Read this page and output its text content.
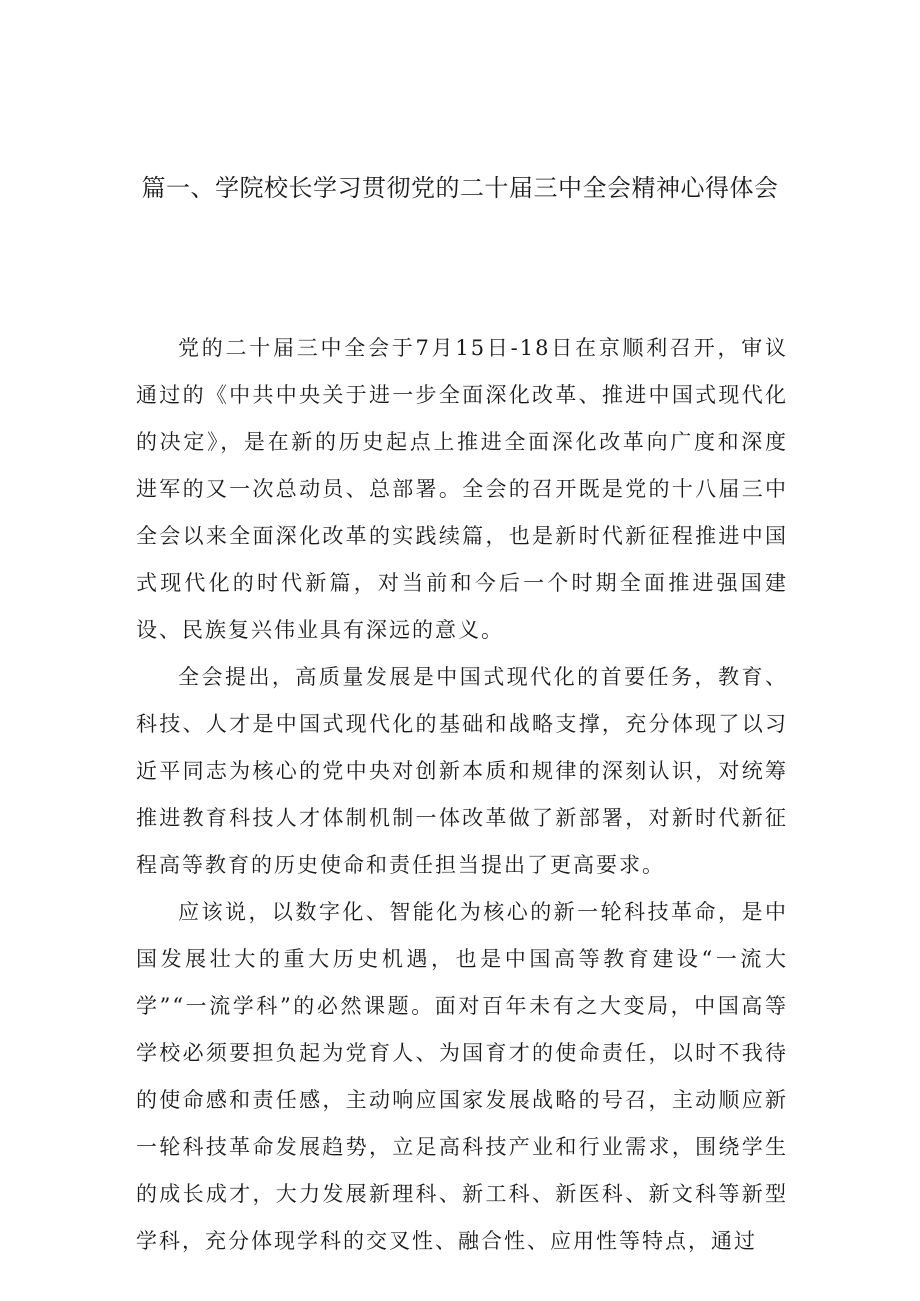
篇一、学院校长学习贯彻党的二十届三中全会精神心得体会

党的二十届三中全会于7月15日-18日在京顺利召开，审议通过的《中共中央关于进一步全面深化改革、推进中国式现代化的决定》，是在新的历史起点上推进全面深化改革向广度和深度进军的又一次总动员、总部署。全会的召开既是党的十八届三中全会以来全面深化改革的实践续篇，也是新时代新征程推进中国式现代化的时代新篇，对当前和今后一个时期全面推进强国建设、民族复兴伟业具有深远的意义。

全会提出，高质量发展是中国式现代化的首要任务，教育、科技、人才是中国式现代化的基础和战略支撑，充分体现了以习近平同志为核心的党中央对创新本质和规律的深刻认识，对统筹推进教育科技人才体制机制一体改革做了新部署，对新时代新征程高等教育的历史使命和责任担当提出了更高要求。

应该说，以数字化、智能化为核心的新一轮科技革命，是中国发展壮大的重大历史机遇，也是中国高等教育建设“一流大学”“一流学科”的必然课题。面对百年未有之大变局，中国高等学校必须要担负起为党育人、为国育才的使命责任，以时不我待的使命感和责任感，主动响应国家发展战略的号召，主动顺应新一轮科技革命发展趋势，立足高科技产业和行业需求，围绕学生的成长成才，大力发展新理科、新工科、新医科、新文科等新型学科，充分体现学科的交叉性、融合性、应用性等特点，通过
